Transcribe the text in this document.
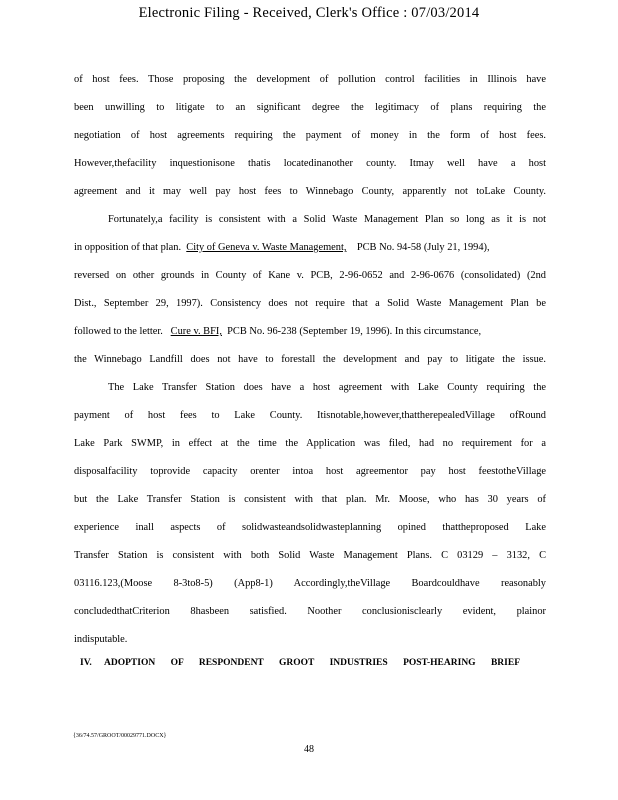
Electronic Filing - Received, Clerk's Office : 07/03/2014
of host fees. Those proposing the development of pollution control facilities in Illinois have
been unwilling to litigate to an significant degree the legitimacy of plans requiring the
negotiation of host agreements requiring the payment of money in the form of host fees.
However,thefacility inquestionisone thatis locatedinanother county. Itmay well have a host
agreement and it may well pay host fees to Winnebago County, apparently not toLake County.
Fortunately,a facility is consistent with a Solid Waste Management Plan so long as it is not
in opposition of that plan. City of Geneva v. Waste Management, PCB No. 94-58 (July 21, 1994),
reversed on other grounds in County of Kane v. PCB, 2-96-0652 and 2-96-0676 (consolidated) (2nd
Dist., September 29, 1997). Consistency does not require that a Solid Waste Management Plan be
followed to the letter. Cure v. BFI, PCB No. 96-238 (September 19, 1996). In this circumstance,
the Winnebago Landfill does not have to forestall the development and pay to litigate the issue.
The Lake Transfer Station does have a host agreement with Lake County requiring the
payment of host fees to Lake County. Itisnotable,however,thattherepealedVillage ofRound
Lake Park SWMP, in effect at the time the Application was filed, had no requirement for a
disposalfacility toprovide capacity orenter intoa host agreementor pay host feestotheVillage
but the Lake Transfer Station is consistent with that plan. Mr. Moose, who has 30 years of
experience inall aspects of solidwasteandsolidwasteplanning opined thattheproposed Lake
Transfer Station is consistent with both Solid Waste Management Plans. C 03129 – 3132, C
03116.123,(Moose 8-3to8-5) (App8-1) Accordingly,theVillage Boardcouldhave reasonably
concludedthatCriterion 8hasbeen satisfied. Noother conclusionisclearly evident, plainor
indisputable.
IV. ADOPTION OF RESPONDENT GROOT INDUSTRIES POST-HEARING BRIEF
{36/74.57/GROOT/00029771.DOCX}
48
